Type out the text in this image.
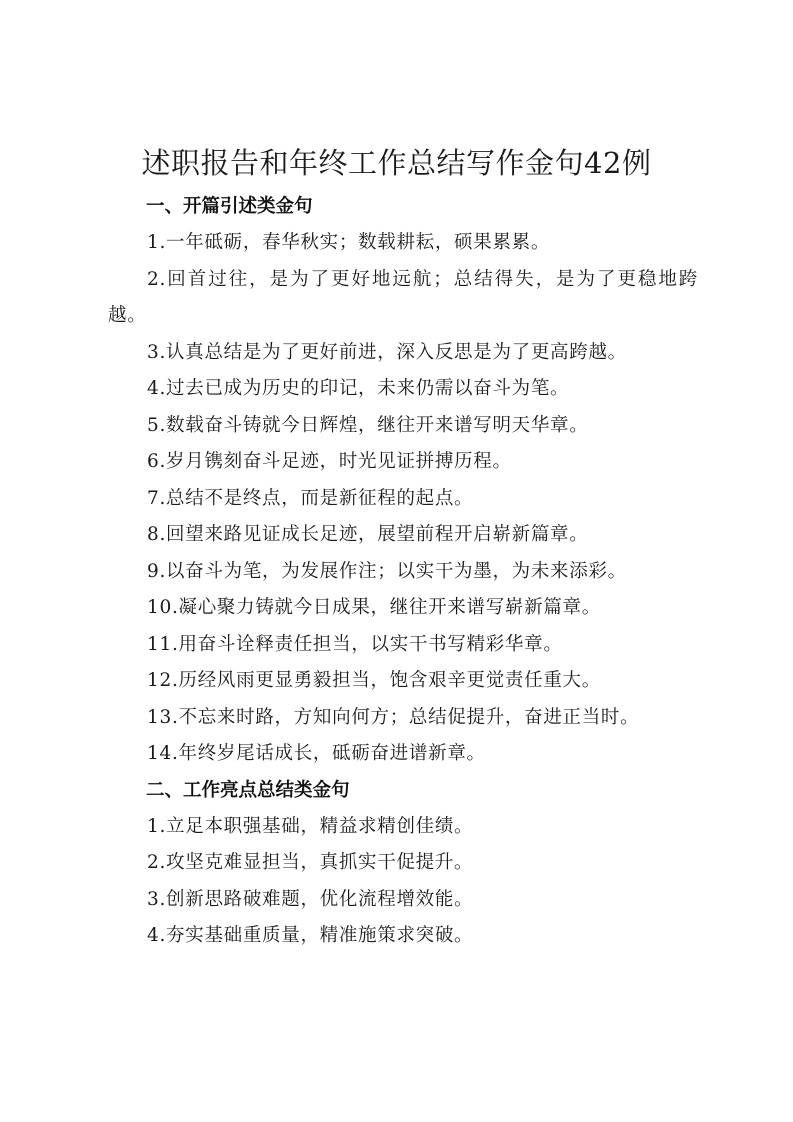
述职报告和年终工作总结写作金句42例
一、开篇引述类金句
1.一年砥砺，春华秋实；数载耕耘，硕果累累。
2.回首过往，是为了更好地远航；总结得失，是为了更稳地跨越。
3.认真总结是为了更好前进，深入反思是为了更高跨越。
4.过去已成为历史的印记，未来仍需以奋斗为笔。
5.数载奋斗铸就今日辉煌，继往开来谱写明天华章。
6.岁月镌刻奋斗足迹，时光见证拼搏历程。
7.总结不是终点，而是新征程的起点。
8.回望来路见证成长足迹，展望前程开启崭新篇章。
9.以奋斗为笔，为发展作注；以实干为墨，为未来添彩。
10.凝心聚力铸就今日成果，继往开来谱写崭新篇章。
11.用奋斗诠释责任担当，以实干书写精彩华章。
12.历经风雨更显勇毅担当，饱含艰辛更觉责任重大。
13.不忘来时路，方知向何方；总结促提升，奋进正当时。
14.年终岁尾话成长，砥砺奋进谱新章。
二、工作亮点总结类金句
1.立足本职强基础，精益求精创佳绩。
2.攻坚克难显担当，真抓实干促提升。
3.创新思路破难题，优化流程增效能。
4.夯实基础重质量，精准施策求突破。
